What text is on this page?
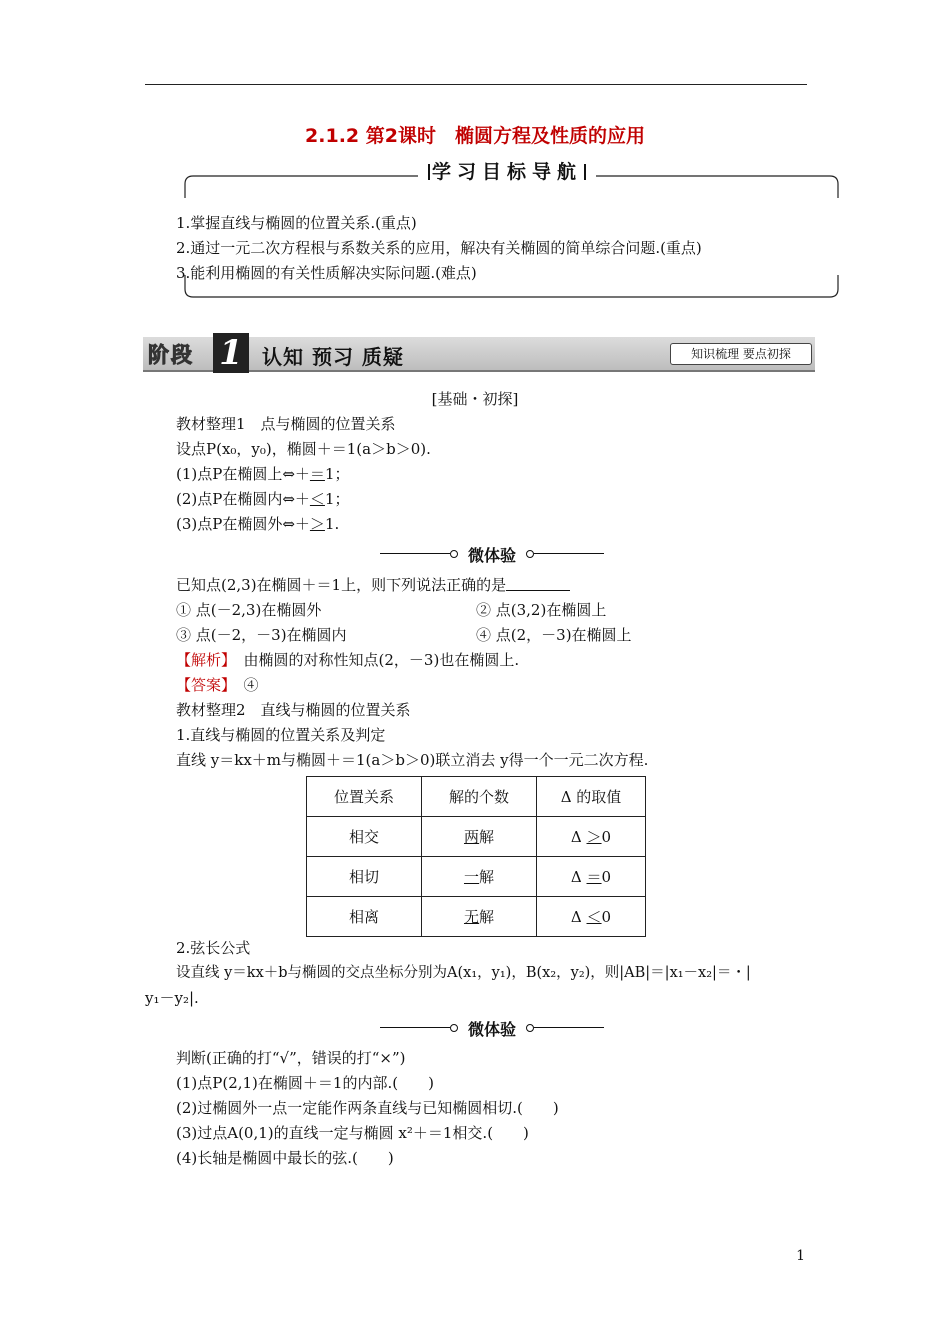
2.1.2 第2课时　椭圆方程及性质的应用
学习目标导航
1.掌握直线与椭圆的位置关系.(重点)
2.通过一元二次方程根与系数关系的应用，解决有关椭圆的简单综合问题.(重点)
3.能利用椭圆的有关性质解决实际问题.(难点)
阶段 1 认知 预习 质疑	知识梳理 要点初探
[基础・初探]
教材整理1　点与椭圆的位置关系
设点P(x₀，y₀)，椭圆＋＝1(a＞b＞0).
(1)点P在椭圆上⇔＋＝1；
(2)点P在椭圆内⇔＋＜1；
(3)点P在椭圆外⇔＋＞1.
微体验
已知点(2,3)在椭圆＋＝1上，则下列说法正确的是
① 点(－2,3)在椭圆外	② 点(3,2)在椭圆上
③ 点(－2，－3)在椭圆内	④ 点(2，－3)在椭圆上
【解析】　 由椭圆的对称性知点(2，－3)也在椭圆上.
【答案】　 ④
教材整理2　直线与椭圆的位置关系
1.直线与椭圆的位置关系及判定
直线 y＝kx＋m与椭圆＋＝1(a＞b＞0)联立消去 y得一个一元二次方程.
位置关系	解的个数	Δ 的取值
相交	两解	Δ ＞0
相切	一解	Δ ＝0
相离	无解	Δ ＜0
2.弦长公式
设直线 y＝kx＋b与椭圆的交点坐标分别为A(x₁，y₁)，B(x₂，y₂)，则|AB|＝|x₁－x₂|＝・|
y₁－y₂|.
微体验
判断(正确的打“√”，错误的打“×”)
(1)点P(2,1)在椭圆＋＝1的内部.(　　)
(2)过椭圆外一点一定能作两条直线与已知椭圆相切.(　　)
(3)过点A(0,1)的直线一定与椭圆 x²＋＝1相交.(　　)
(4)长轴是椭圆中最长的弦.(　　)
1
